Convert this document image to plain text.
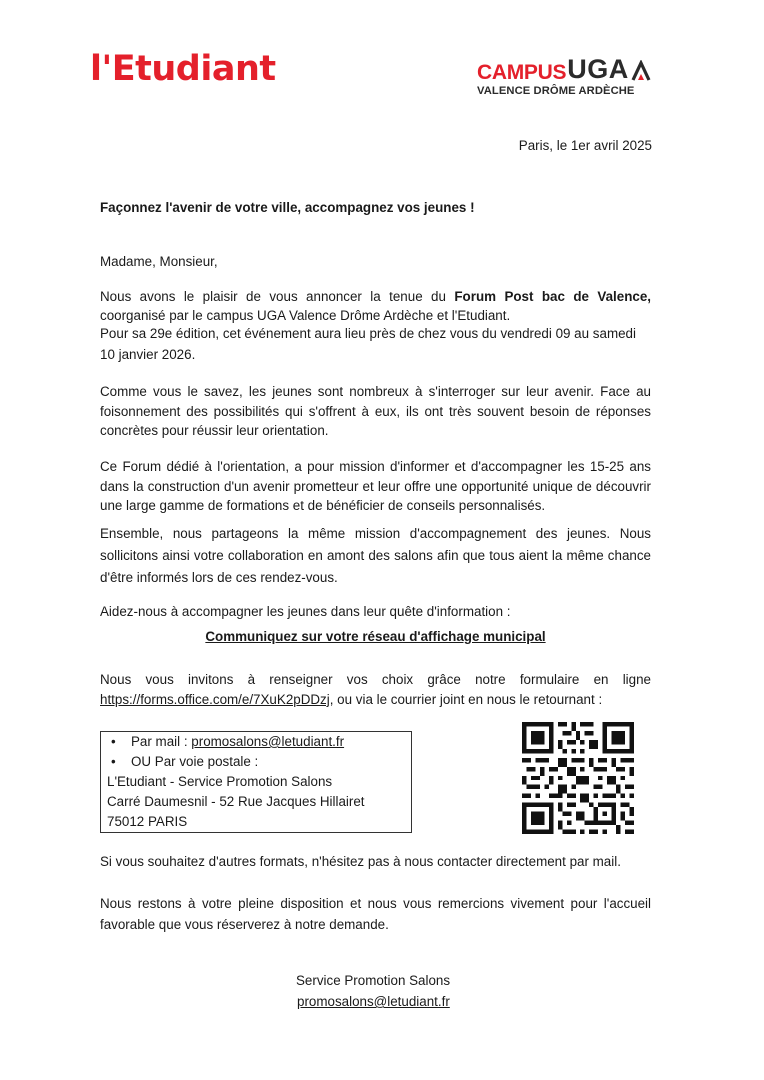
l'Etudiant	CAMPUS UGA
VALENCE DRÔME ARDÈCHE
Paris, le 1er avril 2025
Façonnez l'avenir de votre ville, accompagnez vos jeunes !
Madame, Monsieur,
Nous avons le plaisir de vous annoncer la tenue du Forum Post bac de Valence,
coorganisé par le campus UGA Valence Drôme Ardèche et l'Etudiant.
Pour sa 29e édition, cet événement aura lieu près de chez vous du vendredi 09 au samedi
10 janvier 2026.
Comme vous le savez, les jeunes sont nombreux à s'interroger sur leur avenir. Face au foisonnement des possibilités qui s'offrent à eux, ils ont très souvent besoin de réponses concrètes pour réussir leur orientation.
Ce Forum dédié à l'orientation, a pour mission d'informer et d'accompagner les 15-25 ans dans la construction d'un avenir prometteur et leur offre une opportunité unique de découvrir une large gamme de formations et de bénéficier de conseils personnalisés.
Ensemble, nous partageons la même mission d'accompagnement des jeunes. Nous sollicitons ainsi votre collaboration en amont des salons afin que tous aient la même chance d'être informés lors de ces rendez-vous.
Aidez-nous à accompagner les jeunes dans leur quête d'information :
Communiquez sur votre réseau d'affichage municipal
Nous vous invitons à renseigner vos choix grâce notre formulaire en ligne
https://forms.office.com/e/7XuK2pDDzj, ou via le courrier joint en nous le retournant :
• Par mail : promosalons@letudiant.fr
• OU Par voie postale :
L'Etudiant - Service Promotion Salons
Carré Daumesnil - 52 Rue Jacques Hillairet
75012 PARIS
Si vous souhaitez d'autres formats, n'hésitez pas à nous contacter directement par mail.
Nous restons à votre pleine disposition et nous vous remercions vivement pour l'accueil favorable que vous réserverez à notre demande.
Service Promotion Salons
promosalons@letudiant.fr
